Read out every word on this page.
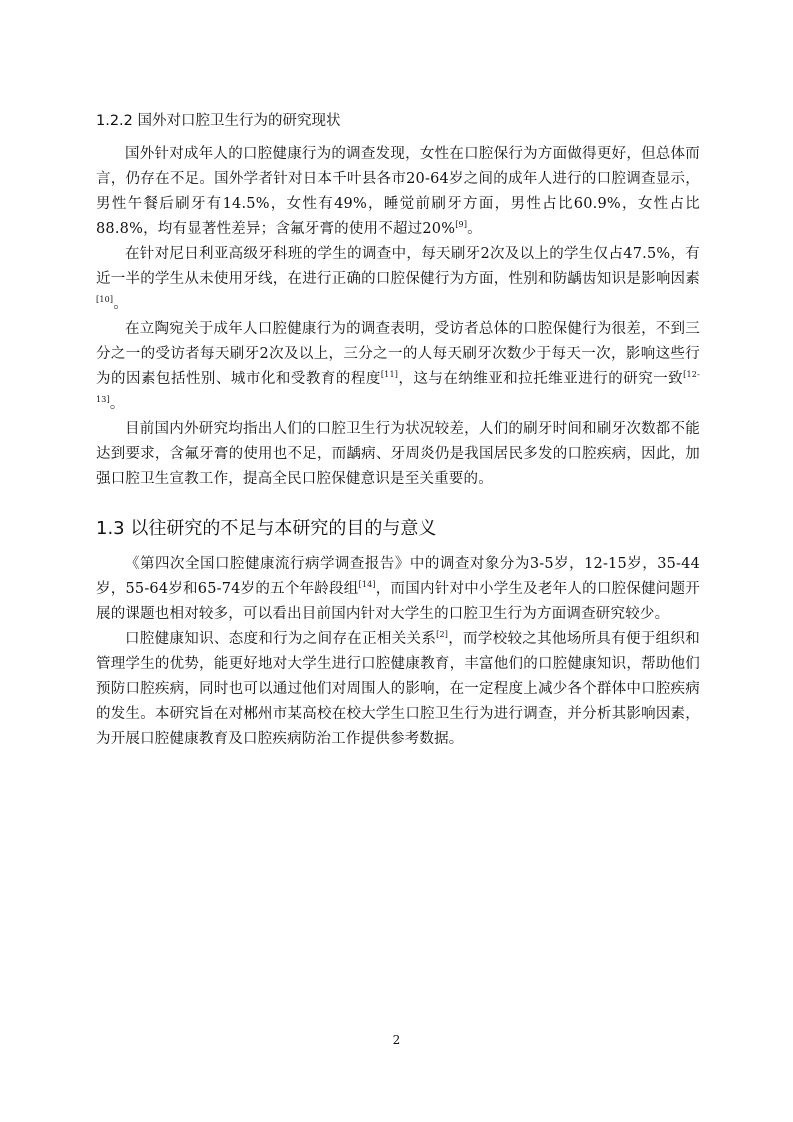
1.2.2 国外对口腔卫生行为的研究现状

国外针对成年人的口腔健康行为的调查发现，女性在口腔保行为方面做得更好，但总体而言，仍存在不足。国外学者针对日本千叶县各市20-64岁之间的成年人进行的口腔调查显示，男性午餐后刷牙有14.5%，女性有49%，睡觉前刷牙方面，男性占比60.9%，女性占比88.8%，均有显著性差异；含氟牙膏的使用不超过20%[9]。

在针对尼日利亚高级牙科班的学生的调查中，每天刷牙2次及以上的学生仅占47.5%，有近一半的学生从未使用牙线，在进行正确的口腔保健行为方面，性别和防龋齿知识是影响因素[10]。

在立陶宛关于成年人口腔健康行为的调查表明，受访者总体的口腔保健行为很差，不到三分之一的受访者每天刷牙2次及以上，三分之一的人每天刷牙次数少于每天一次，影响这些行为的因素包括性别、城市化和受教育的程度[11]，这与在纳维亚和拉托维亚进行的研究一致[12-13]。

目前国内外研究均指出人们的口腔卫生行为状况较差，人们的刷牙时间和刷牙次数都不能达到要求，含氟牙膏的使用也不足，而龋病、牙周炎仍是我国居民多发的口腔疾病，因此，加强口腔卫生宣教工作，提高全民口腔保健意识是至关重要的。

1.3 以往研究的不足与本研究的目的与意义

《第四次全国口腔健康流行病学调查报告》中的调查对象分为3-5岁，12-15岁，35-44岁，55-64岁和65-74岁的五个年龄段组[14]，而国内针对中小学生及老年人的口腔保健问题开展的课题也相对较多，可以看出目前国内针对大学生的口腔卫生行为方面调查研究较少。

口腔健康知识、态度和行为之间存在正相关关系[2]，而学校较之其他场所具有便于组织和管理学生的优势，能更好地对大学生进行口腔健康教育，丰富他们的口腔健康知识，帮助他们预防口腔疾病，同时也可以通过他们对周围人的影响，在一定程度上减少各个群体中口腔疾病的发生。本研究旨在对郴州市某高校在校大学生口腔卫生行为进行调查，并分析其影响因素，为开展口腔健康教育及口腔疾病防治工作提供参考数据。

2
